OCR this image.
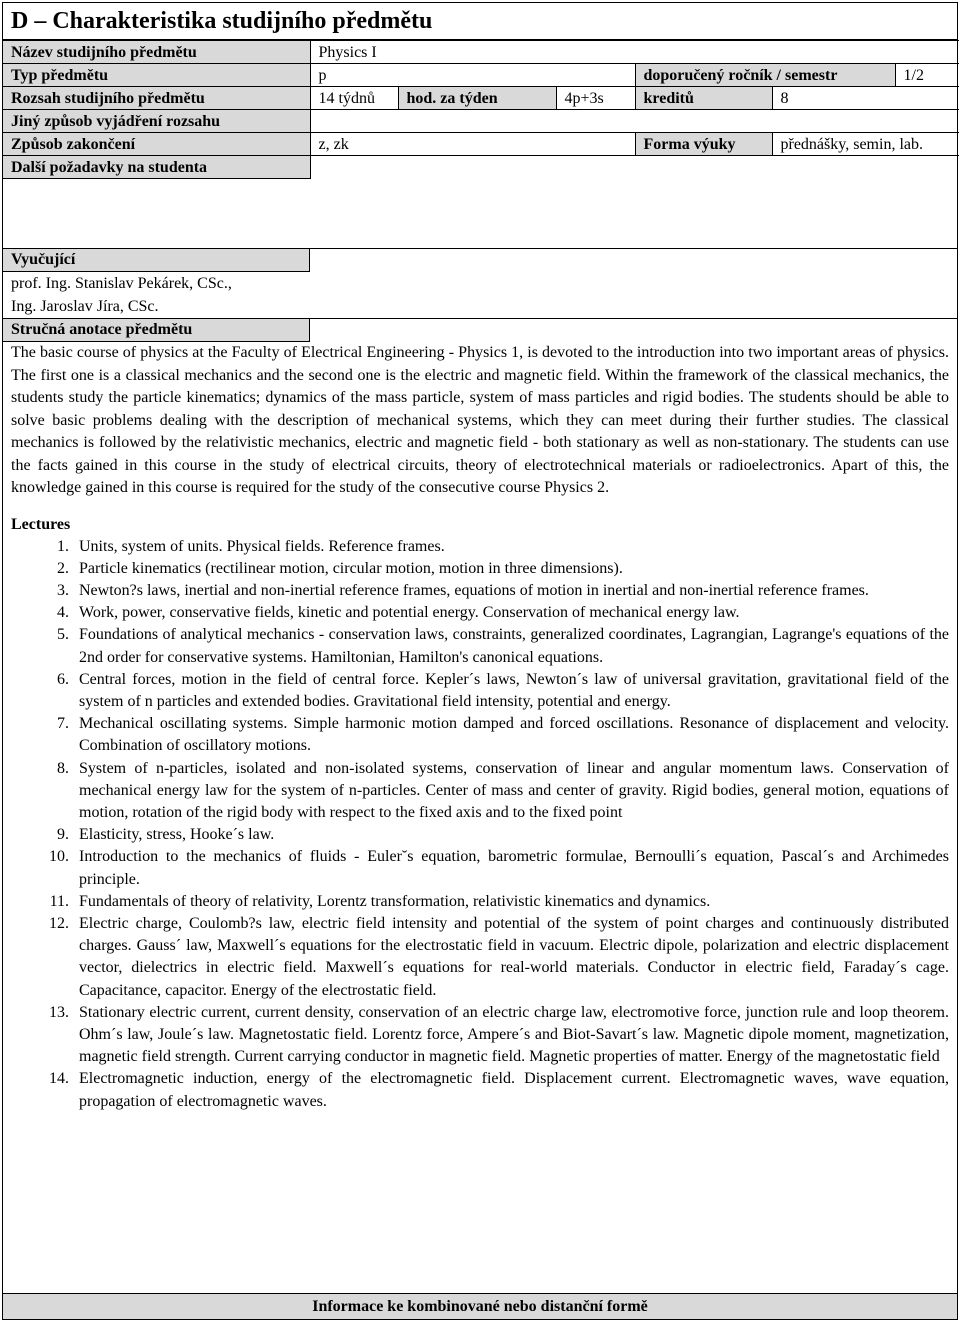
D – Charakteristika studijního předmětu
Název studijního předmětu	Physics I					
Typ předmětu	p			doporučený ročník / semestr		1/2
Rozsah studijního předmětu	14 týdnů	hod. za týden	4p+3s	kreditů	8	
Jiný způsob vyjádření rozsahu						
Způsob zakončení	z, zk			Forma výuky	přednášky, semin, lab.	
Další požadavky na studenta						
Vyučující
prof. Ing. Stanislav Pekárek, CSc.,
Ing. Jaroslav Jíra, CSc.
Stručná anotace předmětu
The basic course of physics at the Faculty of Electrical Engineering - Physics 1, is devoted to the introduction into two important areas of physics. The first one is a classical mechanics and the second one is the electric and magnetic field. Within the framework of the classical mechanics, the students study the particle kinematics; dynamics of the mass particle, system of mass particles and rigid bodies. The students should be able to solve basic problems dealing with the description of mechanical systems, which they can meet during their further studies. The classical mechanics is followed by the relativistic mechanics, electric and magnetic field - both stationary as well as non-stationary. The students can use the facts gained in this course in the study of electrical circuits, theory of electrotechnical materials or radioelectronics. Apart of this, the knowledge gained in this course is required for the study of the consecutive course Physics 2.
Lectures
1. Units, system of units. Physical fields. Reference frames.
2. Particle kinematics (rectilinear motion, circular motion, motion in three dimensions).
3. Newton?s laws, inertial and non-inertial reference frames, equations of motion in inertial and non-inertial reference frames.
4. Work, power, conservative fields, kinetic and potential energy. Conservation of mechanical energy law.
5. Foundations of analytical mechanics - conservation laws, constraints, generalized coordinates, Lagrangian, Lagrange's equations of the 2nd order for conservative systems. Hamiltonian, Hamilton's canonical equations.
6. Central forces, motion in the field of central force. Kepler´s laws, Newton´s law of universal gravitation, gravitational field of the system of n particles and extended bodies. Gravitational field intensity, potential and energy.
7. Mechanical oscillating systems. Simple harmonic motion damped and forced oscillations. Resonance of displacement and velocity. Combination of oscillatory motions.
8. System of n-particles, isolated and non-isolated systems, conservation of linear and angular momentum laws. Conservation of mechanical energy law for the system of n-particles. Center of mass and center of gravity. Rigid bodies, general motion, equations of motion, rotation of the rigid body with respect to the fixed axis and to the fixed point
9. Elasticity, stress, Hooke´s law.
10. Introduction to the mechanics of fluids - Euler˘s equation, barometric formulae, Bernoulli´s equation, Pascal´s and Archimedes principle.
11. Fundamentals of theory of relativity, Lorentz transformation, relativistic kinematics and dynamics.
12. Electric charge, Coulomb?s law, electric field intensity and potential of the system of point charges and continuously distributed charges. Gauss´ law, Maxwell´s equations for the electrostatic field in vacuum. Electric dipole, polarization and electric displacement vector, dielectrics in electric field. Maxwell´s equations for real-world materials. Conductor in electric field, Faraday´s cage. Capacitance, capacitor. Energy of the electrostatic field.
13. Stationary electric current, current density, conservation of an electric charge law, electromotive force, junction rule and loop theorem. Ohm´s law, Joule´s law. Magnetostatic field. Lorentz force, Ampere´s and Biot-Savart´s law. Magnetic dipole moment, magnetization, magnetic field strength. Current carrying conductor in magnetic field. Magnetic properties of matter. Energy of the magnetostatic field
14. Electromagnetic induction, energy of the electromagnetic field. Displacement current. Electromagnetic waves, wave equation, propagation of electromagnetic waves.
Informace ke kombinované nebo distanční formě
